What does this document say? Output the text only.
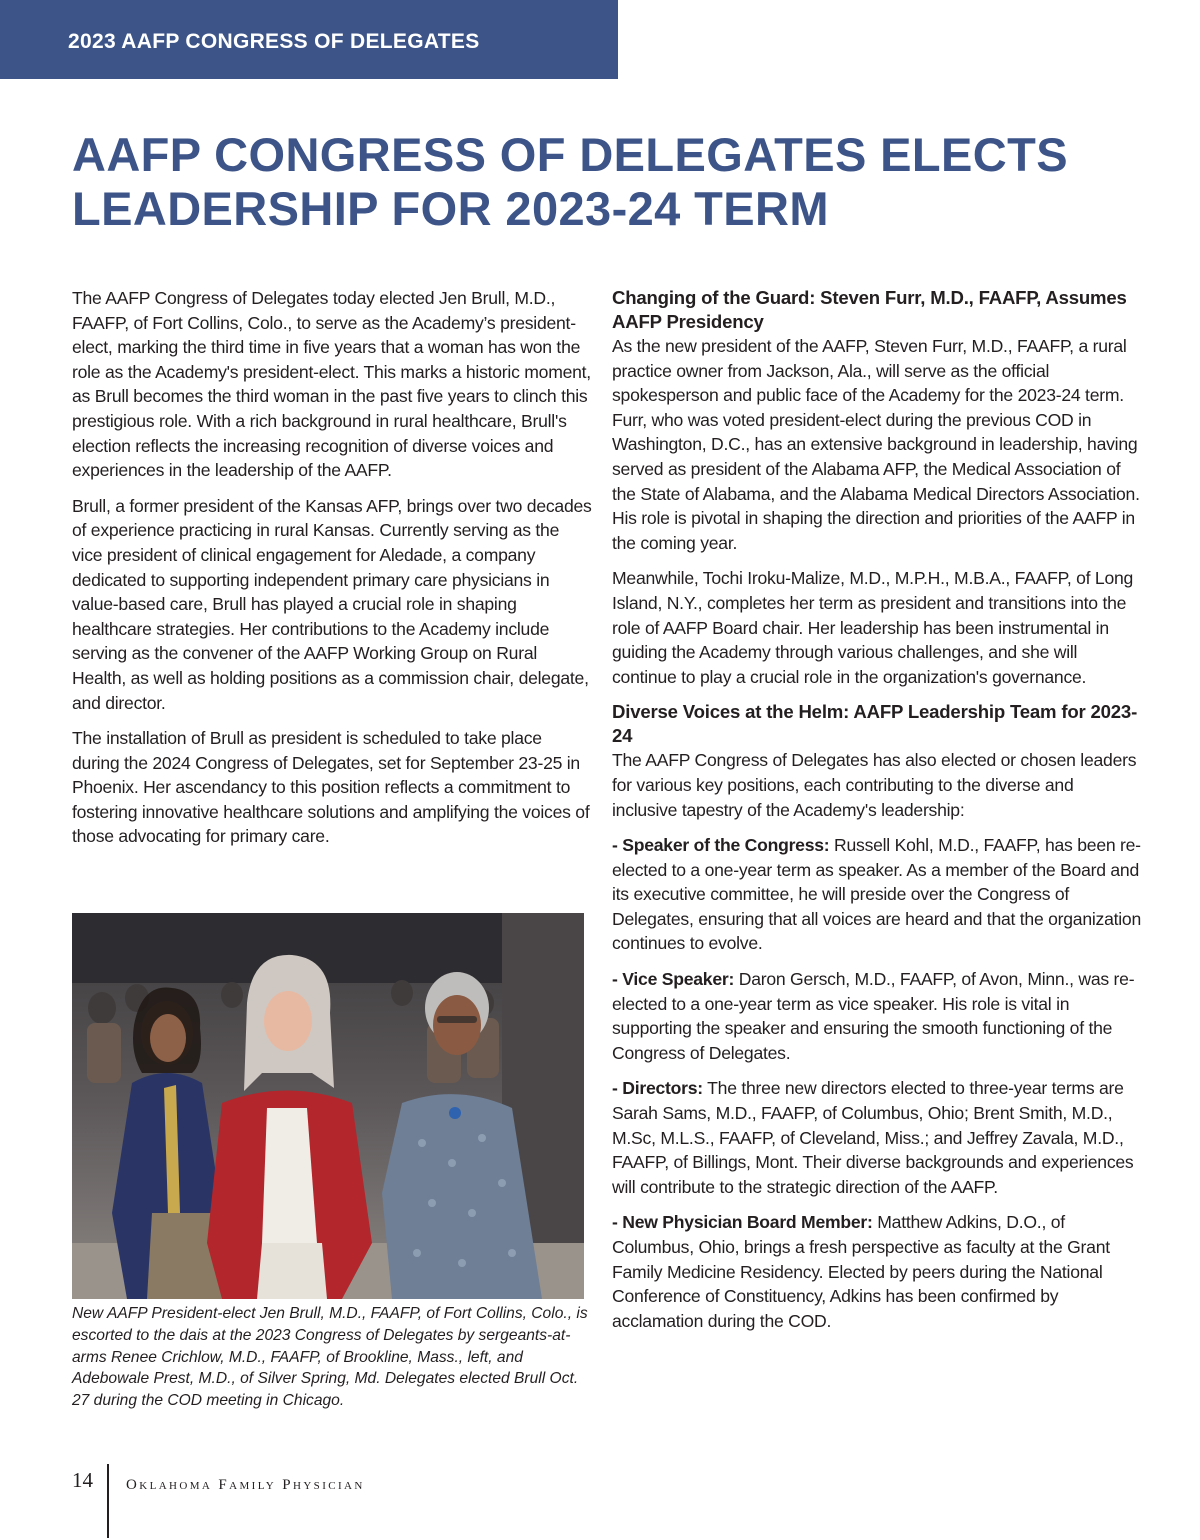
2023 AAFP CONGRESS OF DELEGATES
AAFP CONGRESS OF DELEGATES ELECTS
LEADERSHIP FOR 2023-24 TERM

The AAFP Congress of Delegates today elected Jen Brull, M.D., FAAFP, of Fort Collins, Colo., to serve as the Academy’s president-elect, marking the third time in five years that a woman has won the role as the Academy's president-elect. This marks a historic moment, as Brull becomes the third woman in the past five years to clinch this prestigious role. With a rich background in rural healthcare, Brull's election reflects the increasing recognition of diverse voices and experiences in the leadership of the AAFP.

Brull, a former president of the Kansas AFP, brings over two decades of experience practicing in rural Kansas. Currently serving as the vice president of clinical engagement for Aledade, a company dedicated to supporting independent primary care physicians in value-based care, Brull has played a crucial role in shaping healthcare strategies. Her contributions to the Academy include serving as the convener of the AAFP Working Group on Rural Health, as well as holding positions as a commission chair, delegate, and director.

The installation of Brull as president is scheduled to take place during the 2024 Congress of Delegates, set for September 23-25 in Phoenix. Her ascendancy to this position reflects a commitment to fostering innovative healthcare solutions and amplifying the voices of those advocating for primary care.

New AAFP President-elect Jen Brull, M.D., FAAFP, of Fort Collins, Colo., is escorted to the dais at the 2023 Congress of Delegates by sergeants-at-arms Renee Crichlow, M.D., FAAFP, of Brookline, Mass., left, and Adebowale Prest, M.D., of Silver Spring, Md. Delegates elected Brull Oct. 27 during the COD meeting in Chicago.

Changing of the Guard: Steven Furr, M.D., FAAFP, Assumes AAFP Presidency

As the new president of the AAFP, Steven Furr, M.D., FAAFP, a rural practice owner from Jackson, Ala., will serve as the official spokesperson and public face of the Academy for the 2023-24 term. Furr, who was voted president-elect during the previous COD in Washington, D.C., has an extensive background in leadership, having served as president of the Alabama AFP, the Medical Association of the State of Alabama, and the Alabama Medical Directors Association. His role is pivotal in shaping the direction and priorities of the AAFP in the coming year.

Meanwhile, Tochi Iroku-Malize, M.D., M.P.H., M.B.A., FAAFP, of Long Island, N.Y., completes her term as president and transitions into the role of AAFP Board chair. Her leadership has been instrumental in guiding the Academy through various challenges, and she will continue to play a crucial role in the organization's governance.

Diverse Voices at the Helm: AAFP Leadership Team for 2023-24

The AAFP Congress of Delegates has also elected or chosen leaders for various key positions, each contributing to the diverse and inclusive tapestry of the Academy's leadership:

- Speaker of the Congress: Russell Kohl, M.D., FAAFP, has been re-elected to a one-year term as speaker. As a member of the Board and its executive committee, he will preside over the Congress of Delegates, ensuring that all voices are heard and that the organization continues to evolve.

- Vice Speaker: Daron Gersch, M.D., FAAFP, of Avon, Minn., was re-elected to a one-year term as vice speaker. His role is vital in supporting the speaker and ensuring the smooth functioning of the Congress of Delegates.

- Directors: The three new directors elected to three-year terms are Sarah Sams, M.D., FAAFP, of Columbus, Ohio; Brent Smith, M.D., M.Sc, M.L.S., FAAFP, of Cleveland, Miss.; and Jeffrey Zavala, M.D., FAAFP, of Billings, Mont. Their diverse backgrounds and experiences will contribute to the strategic direction of the AAFP.

- New Physician Board Member: Matthew Adkins, D.O., of Columbus, Ohio, brings a fresh perspective as faculty at the Grant Family Medicine Residency. Elected by peers during the National Conference of Constituency, Adkins has been confirmed by acclamation during the COD.

14 Oklahoma Family Physician
